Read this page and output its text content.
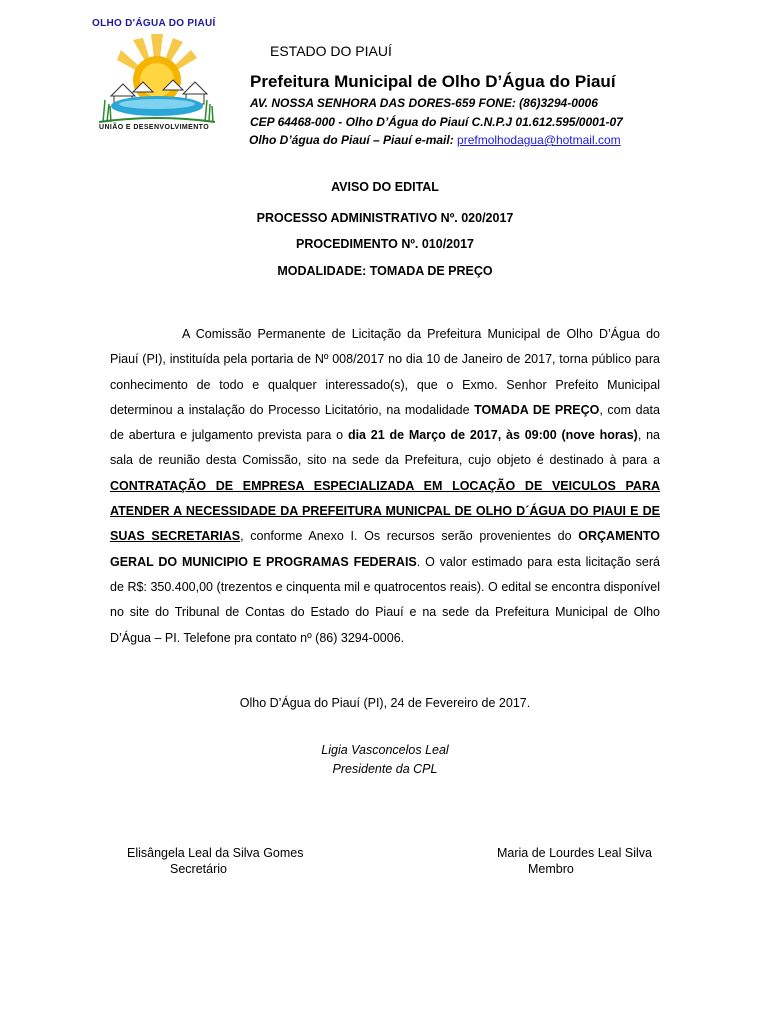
OLHO D'ÁGUA DO PIAUÍ
UNIÃO E DESENVOLVIMENTO
ESTADO DO PIAUÍ
Prefeitura Municipal de Olho D’Água do Piauí
AV. NOSSA SENHORA DAS DORES-659 FONE: (86)3294-0006
CEP 64468-000 - Olho D’Água do Piauí C.N.P.J 01.612.595/0001-07
Olho D’água do Piauí – Piauí e-mail: prefmolhodagua@hotmail.com
AVISO DO EDITAL
PROCESSO ADMINISTRATIVO Nº. 020/2017
PROCEDIMENTO Nº. 010/2017
MODALIDADE: TOMADA DE PREÇO
A Comissão Permanente de Licitação da Prefeitura Municipal de Olho D’Água do Piauí (PI), instituída pela portaria de Nº 008/2017 no dia 10 de Janeiro de 2017, torna público para conhecimento de todo e qualquer interessado(s), que o Exmo. Senhor Prefeito Municipal determinou a instalação do Processo Licitatório, na modalidade TOMADA DE PREÇO, com data de abertura e julgamento prevista para o dia 21 de Março de 2017, às 09:00 (nove horas), na sala de reunião desta Comissão, sito na sede da Prefeitura, cujo objeto é destinado à para a CONTRATAÇÃO DE EMPRESA ESPECIALIZADA EM LOCAÇÃO DE VEICULOS PARA ATENDER A NECESSIDADE DA PREFEITURA MUNICPAL DE OLHO D´ÁGUA DO PIAUI E DE SUAS SECRETARIAS, conforme Anexo I. Os recursos serão provenientes do ORÇAMENTO GERAL DO MUNICIPIO E PROGRAMAS FEDERAIS. O valor estimado para esta licitação será de R$: 350.400,00 (trezentos e cinquenta mil e quatrocentos reais). O edital se encontra disponível no site do Tribunal de Contas do Estado do Piauí e na sede da Prefeitura Municipal de Olho D’Água – PI. Telefone pra contato nº (86) 3294-0006.
Olho D’Água do Piauí (PI), 24 de Fevereiro de 2017.
Ligia Vasconcelos Leal
Presidente da CPL
Elisângela Leal da Silva Gomes
Secretário
Maria de Lourdes Leal Silva
Membro
